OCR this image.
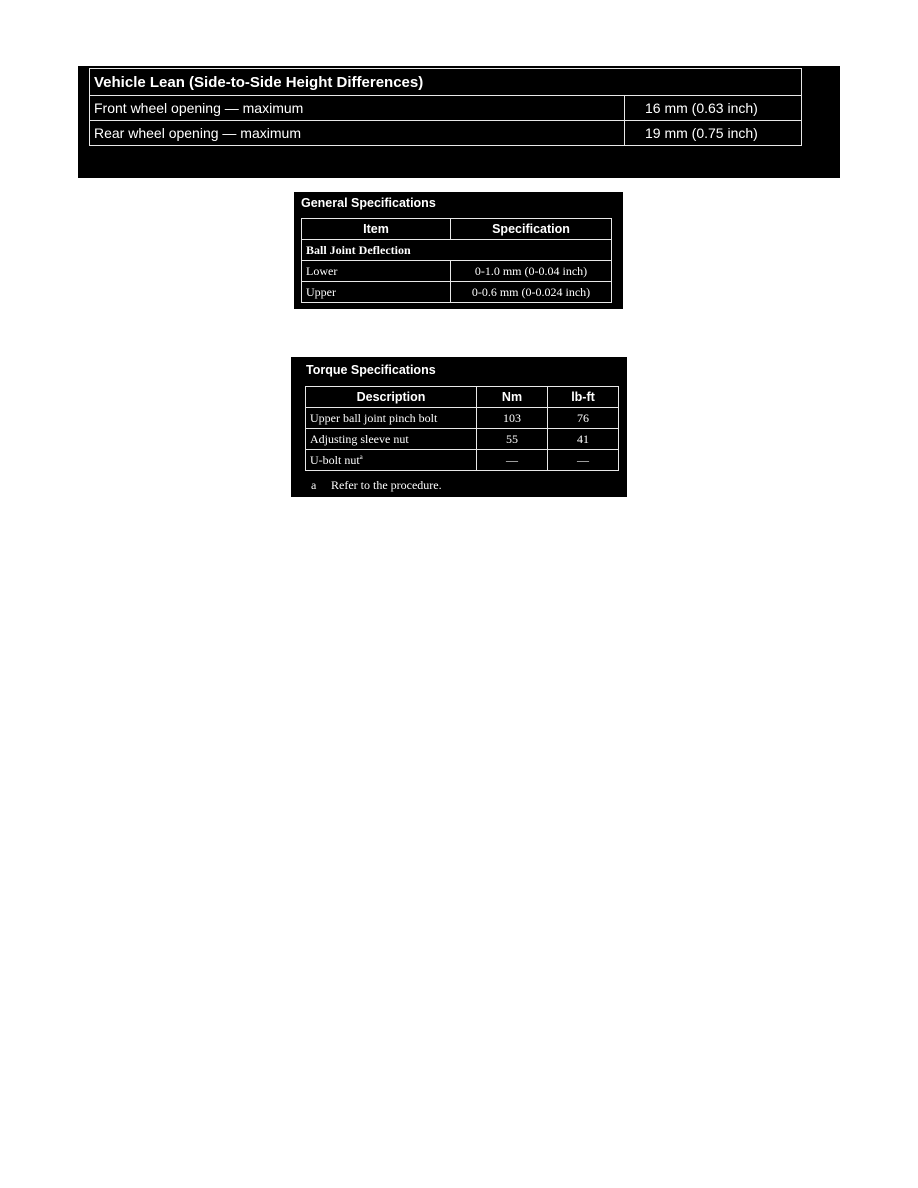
Vehicle Lean (Side-to-Side Height Differences)	
Front wheel opening — maximum	16 mm (0.63 inch)
Rear wheel opening — maximum	19 mm (0.75 inch)
General Specifications
Item	Specification
Ball Joint Deflection	
Lower	0-1.0 mm (0-0.04 inch)
Upper	0-0.6 mm (0-0.024 inch)
Torque Specifications
Description	Nm	lb-ft
Upper ball joint pinch bolt	103	76
Adjusting sleeve nut	55	41
U-bolt nut$^a$	—	—
a Refer to the procedure.
